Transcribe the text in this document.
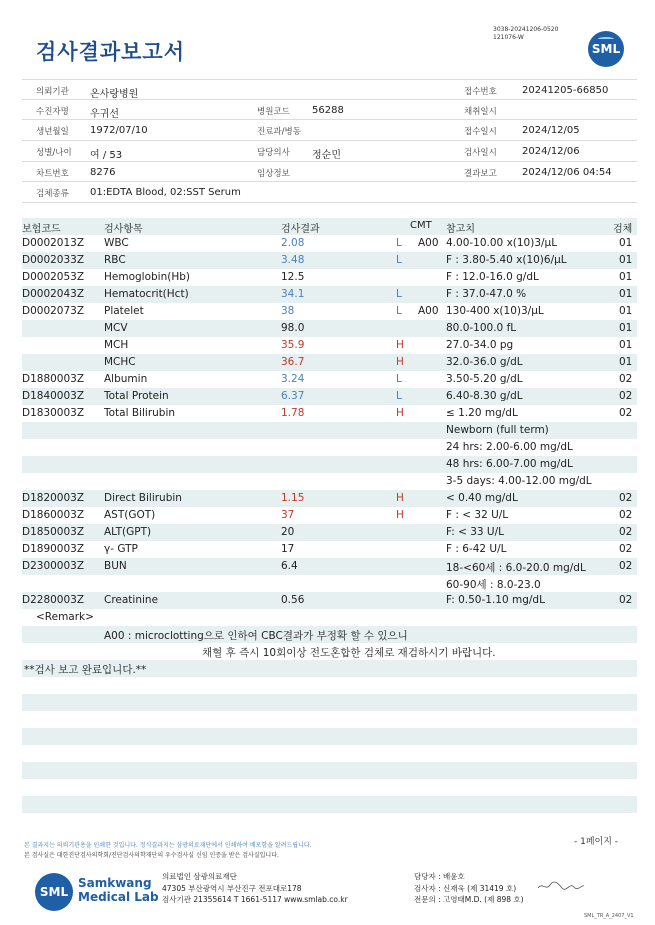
검사결과보고서
3038-20241206-0520
121076-W
SML
의뢰기관 온사랑병원	접수번호	20241205-66850
수진자명 우귀선	병원코드 56288	채취일시
생년월일 1972/07/10	진료과/병동	접수일시	2024/12/05
성별/나이 여 / 53	담당의사 정순민	검사일시	2024/12/06
차트번호 8276	임상정보	결과보고	2024/12/06 04:54
검체종류 01:EDTA Blood, 02:SST Serum
보험코드	검사항목	검사결과	CMT 참고치	검체
D0002013Z WBC	2.08	L A00 4.00-10.00 x(10)3/μL	01
D0002033Z RBC	3.48	L	F : 3.80-5.40 x(10)6/μL	01
D0002053Z Hemoglobin(Hb)	12.5	F : 12.0-16.0 g/dL	01
D0002043Z Hematocrit(Hct)	34.1	L	F : 37.0-47.0 %	01
D0002073Z Platelet	38	L A00 130-400 x(10)3/μL	01
MCV	98.0	80.0-100.0 fL	01
MCH	35.9	H	27.0-34.0 pg	01
MCHC	36.7	H	32.0-36.0 g/dL	01
D1880003Z Albumin	3.24	L	3.50-5.20 g/dL	02
D1840003Z Total Protein	6.37	L	6.40-8.30 g/dL	02
D1830003Z Total Bilirubin	1.78	H	≤ 1.20 mg/dL	02
Newborn (full term)
24 hrs: 2.00-6.00 mg/dL
48 hrs: 6.00-7.00 mg/dL
3-5 days: 4.00-12.00 mg/dL
D1820003Z Direct Bilirubin	1.15	H	< 0.40 mg/dL	02
D1860003Z AST(GOT)	37	H	F : < 32 U/L	02
D1850003Z ALT(GPT)	20	F: < 33 U/L	02
D1890003Z γ- GTP	17	F : 6-42 U/L	02
D2300003Z BUN	6.4	18-<60세 : 6.0-20.0 mg/dL	02
60-90세 : 8.0-23.0
D2280003Z Creatinine	0.56	F: 0.50-1.10 mg/dL	02
<Remark>
A00 : microclotting으로 인하여 CBC결과가 부정확 할 수 있으니
채혈 후 즉시 10회이상 전도혼합한 검체로 재검하시기 바랍니다.
**검사 보고 완료입니다.**
- 1페이지 -
본 결과지는 의뢰기관용을 인쇄한 것입니다. 정식결과지는 삼광의료재단에서 인쇄하여 배포함을 알려드립니다.
본 검사실은 대한진단검사의학회/진단검사의학재단의 우수검사실 신임 인증을 받은 검사실입니다.
SML
Samkwang
Medical Lab
의료법인 삼광의료재단
47305 부산광역시 부산진구 전포대로178
검사기관 21355614 T 1661-5117 www.smlab.co.kr
담당자 : 배윤호
검사자 : 신재욱 (제 31419 호)
전문의 : 고영태M.D. (제 898 호)
SML_TR_A_2407_V1
